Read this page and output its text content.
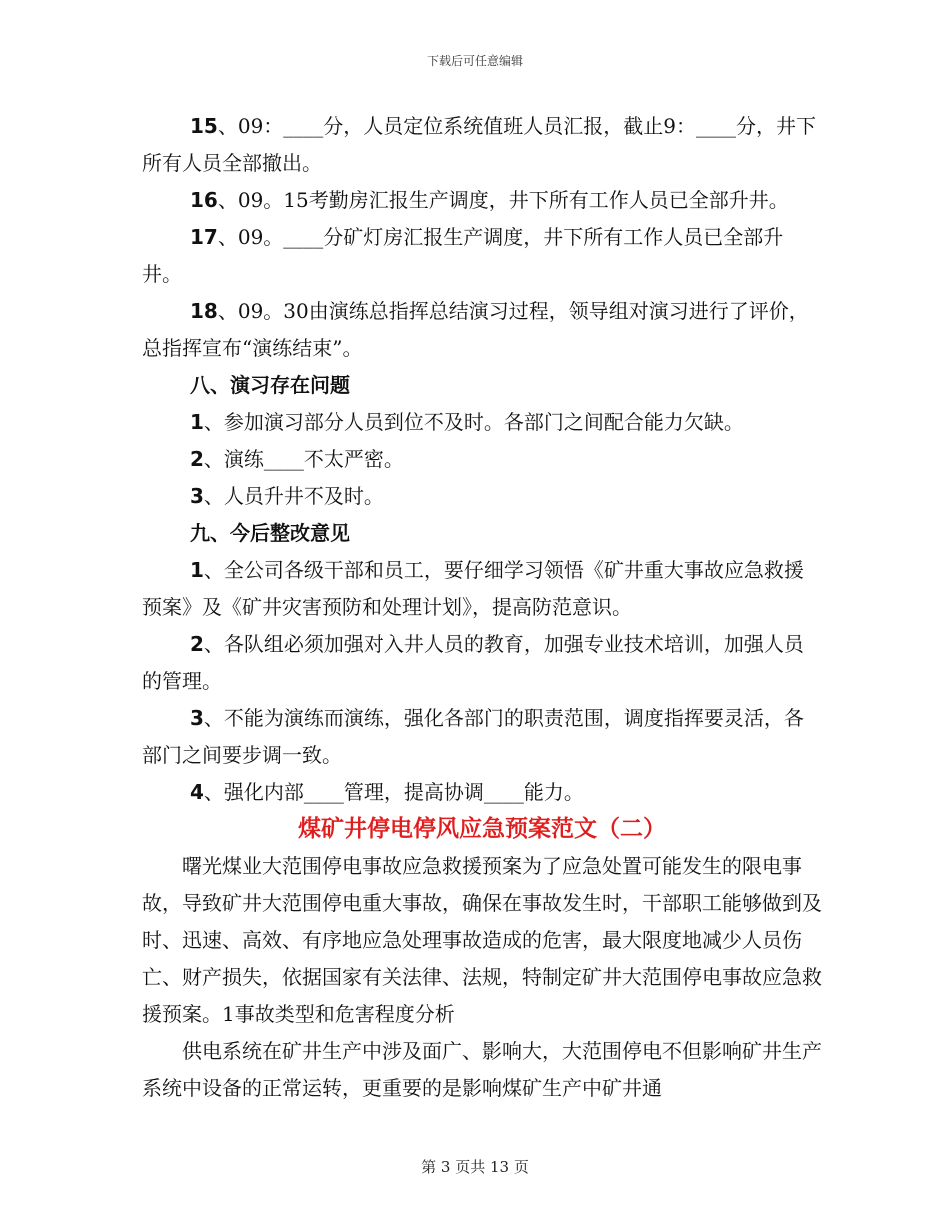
下载后可任意编辑

15、09：____分，人员定位系统值班人员汇报，截止9：____分，井下所有人员全部撤出。

16、09。15考勤房汇报生产调度，井下所有工作人员已全部升井。

17、09。____分矿灯房汇报生产调度，井下所有工作人员已全部升井。

18、09。30由演练总指挥总结演习过程，领导组对演习进行了评价，总指挥宣布“演练结束”。

八、演习存在问题

1、参加演习部分人员到位不及时。各部门之间配合能力欠缺。

2、演练____不太严密。

3、人员升井不及时。

九、今后整改意见

1、全公司各级干部和员工，要仔细学习领悟《矿井重大事故应急救援预案》及《矿井灾害预防和处理计划》，提高防范意识。

2、各队组必须加强对入井人员的教育，加强专业技术培训，加强人员的管理。

3、不能为演练而演练，强化各部门的职责范围，调度指挥要灵活，各部门之间要步调一致。

4、强化内部____管理，提高协调____能力。

煤矿井停电停风应急预案范文（二）

曙光煤业大范围停电事故应急救援预案为了应急处置可能发生的限电事故，导致矿井大范围停电重大事故，确保在事故发生时，干部职工能够做到及时、迅速、高效、有序地应急处理事故造成的危害，最大限度地减少人员伤亡、财产损失，依据国家有关法律、法规，特制定矿井大范围停电事故应急救援预案。1事故类型和危害程度分析

供电系统在矿井生产中涉及面广、影响大，大范围停电不但影响矿井生产系统中设备的正常运转，更重要的是影响煤矿生产中矿井通

第 3 页共 13 页
